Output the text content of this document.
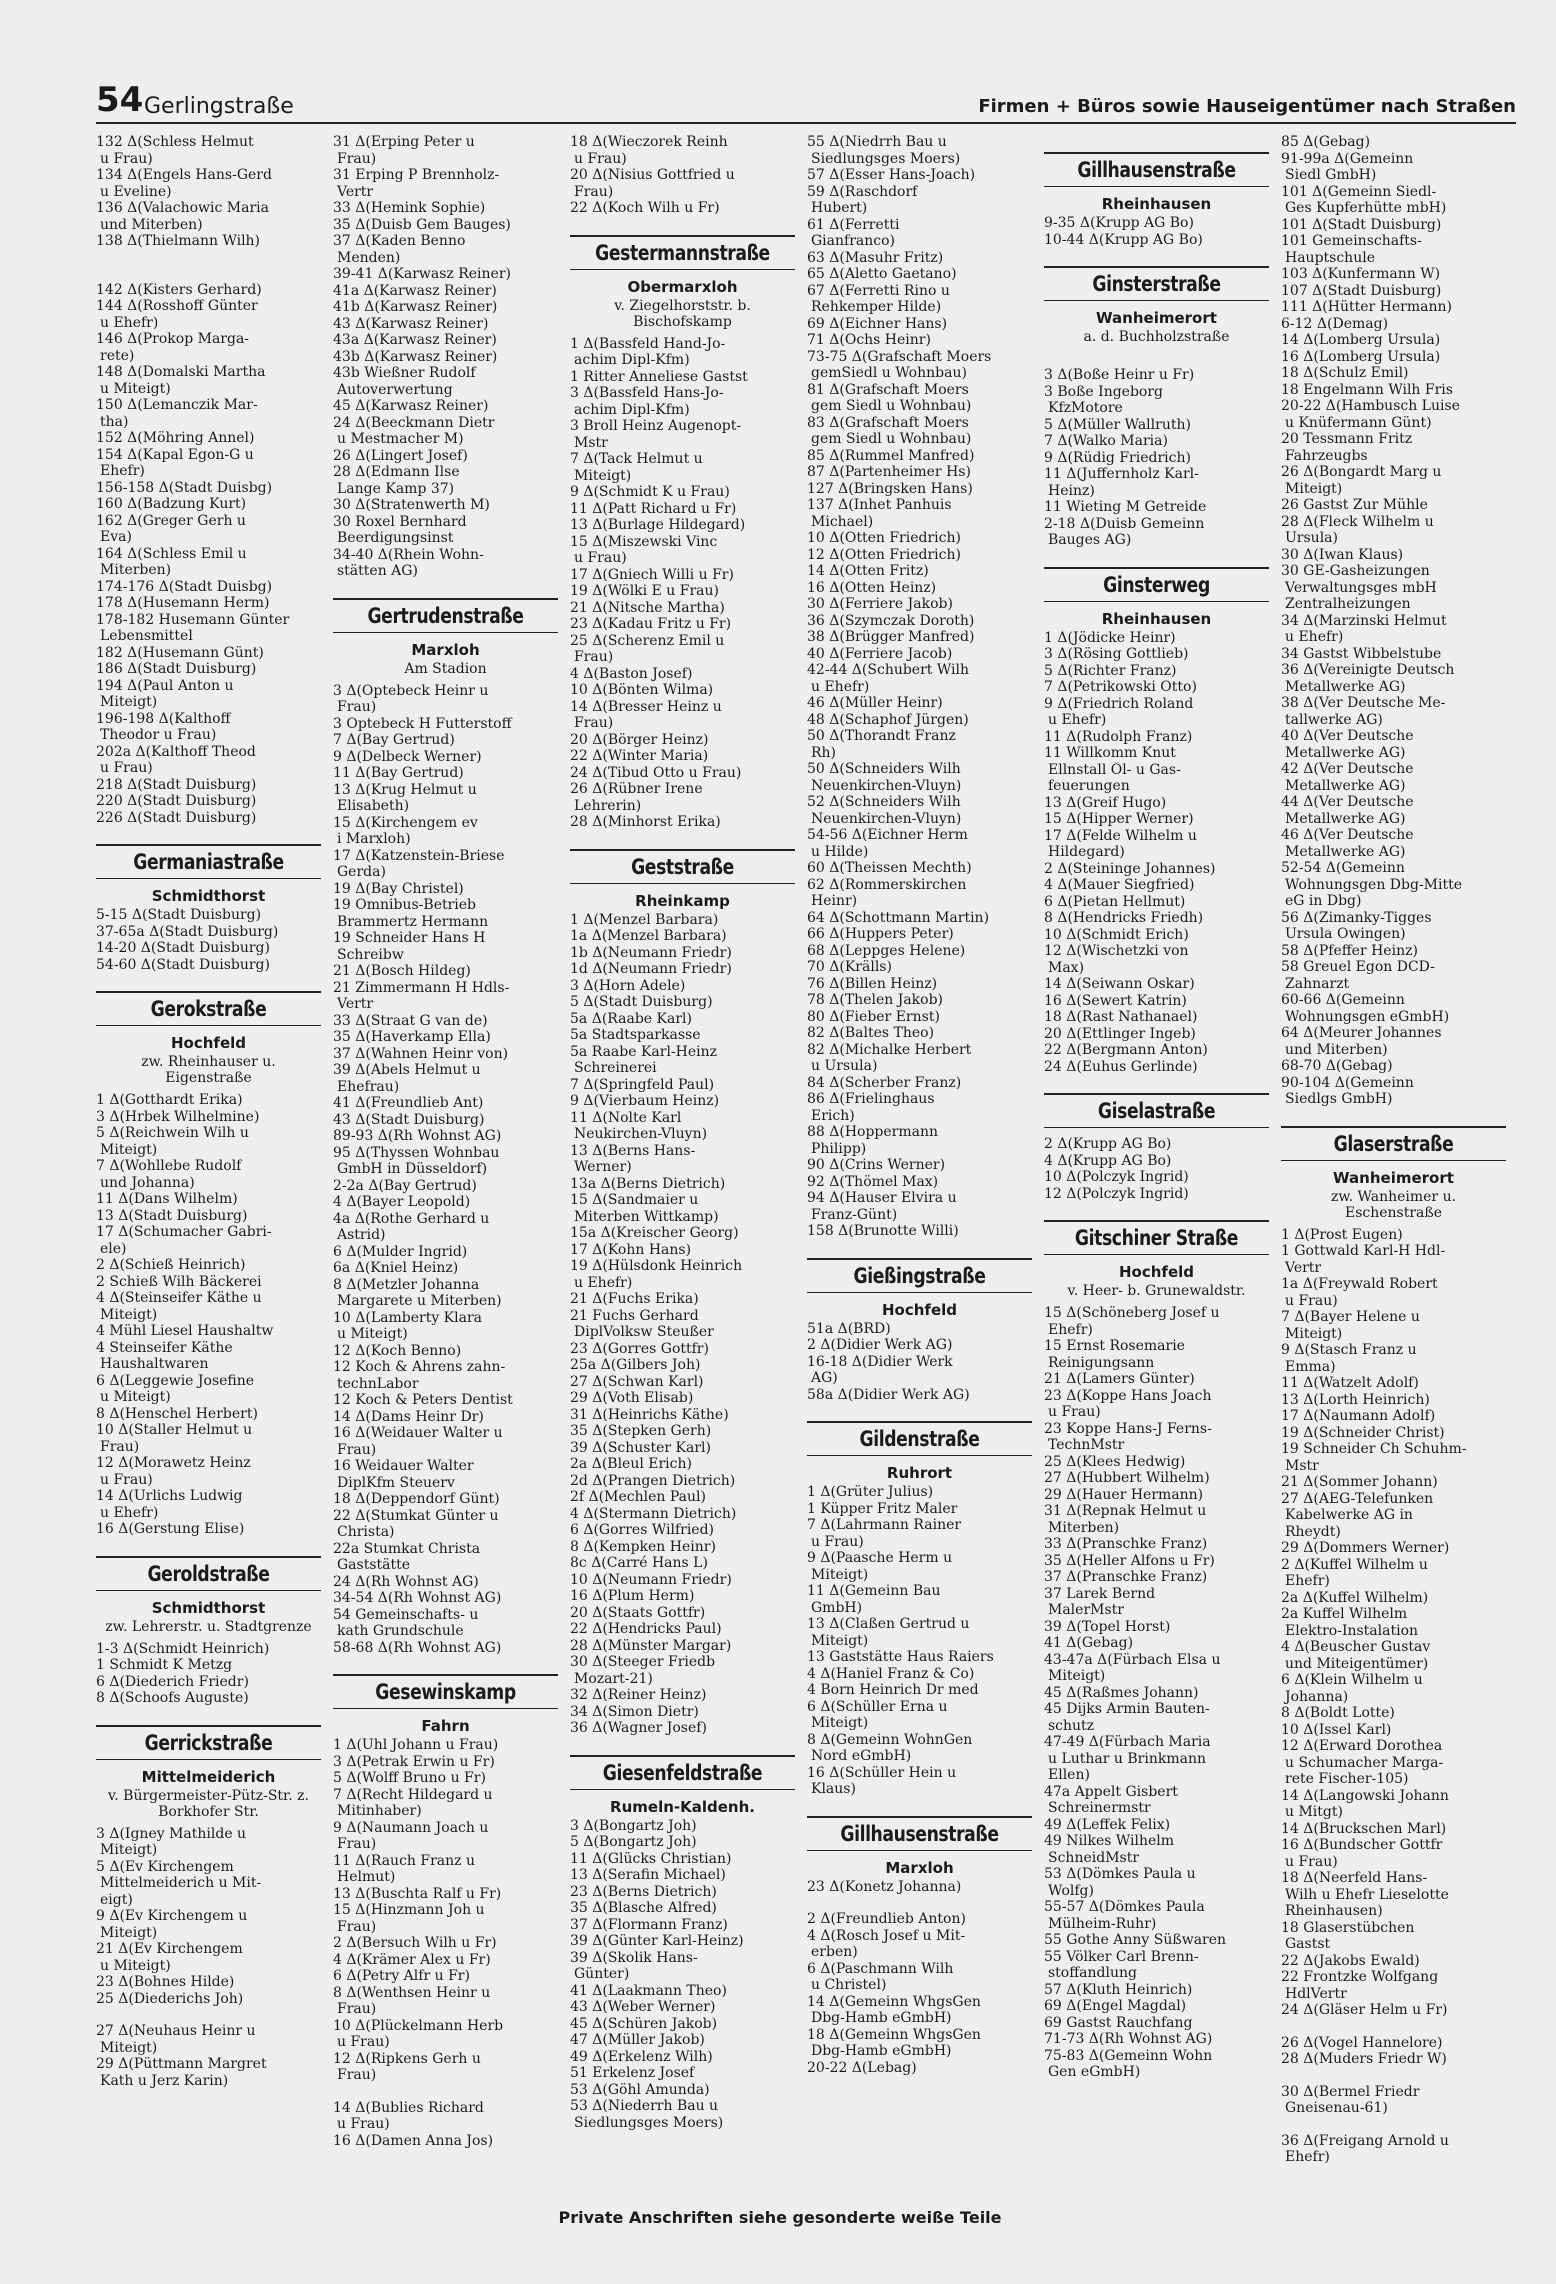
54 Gerlingstraße	Firmen + Büros sowie Hauseigentümer nach Straßen
132 Δ(Schless Helmut
u Frau)
134 Δ(Engels Hans-Gerd
u Eveline)
136 Δ(Valachowic Maria
und Miterben)
138 Δ(Thielmann Wilh)
142 Δ(Kisters Gerhard)
144 Δ(Rosshoff Günter
u Ehefr)
146 Δ(Prokop Marga-
rete)
148 Δ(Domalski Martha
u Miteigt)
150 Δ(Lemanczik Mar-
tha)
152 Δ(Möhring Annel)
154 Δ(Kapal Egon-G u
Ehefr)
156-158 Δ(Stadt Duisbg)
160 Δ(Badzung Kurt)
162 Δ(Greger Gerh u
Eva)
164 Δ(Schless Emil u
Miterben)
174-176 Δ(Stadt Duisbg)
178 Δ(Husemann Herm)
178-182 Husemann Günter
Lebensmittel
182 Δ(Husemann Günt)
186 Δ(Stadt Duisburg)
194 Δ(Paul Anton u
Miteigt)
196-198 Δ(Kalthoff
Theodor u Frau)
202a Δ(Kalthoff Theod
u Frau)
218 Δ(Stadt Duisburg)
220 Δ(Stadt Duisburg)
226 Δ(Stadt Duisburg)
Germaniastraße
Schmidthorst
5-15 Δ(Stadt Duisburg)
37-65a Δ(Stadt Duisburg)
14-20 Δ(Stadt Duisburg)
54-60 Δ(Stadt Duisburg)
Gerokstraße
Hochfeld
zw. Rheinhauser u. Eigenstraße
1 Δ(Gotthardt Erika)
3 Δ(Hrbek Wilhelmine)
5 Δ(Reichwein Wilh u
Miteigt)
7 Δ(Wohllebe Rudolf
und Johanna)
11 Δ(Dans Wilhelm)
13 Δ(Stadt Duisburg)
17 Δ(Schumacher Gabri-
ele)
2 Δ(Schieß Heinrich)
2 Schieß Wilh Bäckerei
4 Δ(Steinseifer Käthe u
Miteigt)
4 Mühl Liesel Haushaltw
4 Steinseifer Käthe
Haushaltwaren
6 Δ(Leggewie Josefine
u Miteigt)
8 Δ(Henschel Herbert)
10 Δ(Staller Helmut u
Frau)
12 Δ(Morawetz Heinz
u Frau)
14 Δ(Urlichs Ludwig
u Ehefr)
16 Δ(Gerstung Elise)
Geroldstraße
Schmidthorst
zw. Lehrerstr. u. Stadtgrenze
1-3 Δ(Schmidt Heinrich)
1 Schmidt K Metzg
6 Δ(Diederich Friedr)
8 Δ(Schoofs Auguste)
Gerrickstraße
Mittelmeiderich
v. Bürgermeister-Pütz-Str. z. Borkhofer Str.
3 Δ(Igney Mathilde u
Miteigt)
5 Δ(Ev Kirchengem
Mittelmeiderich u Mit-
eigt)
9 Δ(Ev Kirchengem u
Miteigt)
21 Δ(Ev Kirchengem
u Miteigt)
23 Δ(Bohnes Hilde)
25 Δ(Diederichs Joh)
27 Δ(Neuhaus Heinr u
Miteigt)
29 Δ(Püttmann Margret
Kath u Jerz Karin)
31 Δ(Erping Peter u
Frau)
31 Erping P Brennholz-
Vertr
33 Δ(Hemink Sophie)
35 Δ(Duisb Gem Bauges)
37 Δ(Kaden Benno
Menden)
39-41 Δ(Karwasz Reiner)
41a Δ(Karwasz Reiner)
41b Δ(Karwasz Reiner)
43 Δ(Karwasz Reiner)
43a Δ(Karwasz Reiner)
43b Δ(Karwasz Reiner)
43b Wießner Rudolf
Autoverwertung
45 Δ(Karwasz Reiner)
24 Δ(Beeckmann Dietr
u Mestmacher M)
26 Δ(Lingert Josef)
28 Δ(Edmann Ilse
Lange Kamp 37)
30 Δ(Stratenwerth M)
30 Roxel Bernhard
Beerdigungsinst
34-40 Δ(Rhein Wohn-
stätten AG)
Gertrudenstraße
Marxloh
Am Stadion
3 Δ(Optebeck Heinr u
Frau)
3 Optebeck H Futterstoff
7 Δ(Bay Gertrud)
9 Δ(Delbeck Werner)
11 Δ(Bay Gertrud)
13 Δ(Krug Helmut u
Elisabeth)
15 Δ(Kirchengem ev
i Marxloh)
17 Δ(Katzenstein-Briese
Gerda)
19 Δ(Bay Christel)
19 Omnibus-Betrieb
Brammertz Hermann
19 Schneider Hans H
Schreibw
21 Δ(Bosch Hildeg)
21 Zimmermann H Hdls-
Vertr
33 Δ(Straat G van de)
35 Δ(Haverkamp Ella)
37 Δ(Wahnen Heinr von)
39 Δ(Abels Helmut u
Ehefrau)
41 Δ(Freundlieb Ant)
43 Δ(Stadt Duisburg)
89-93 Δ(Rh Wohnst AG)
95 Δ(Thyssen Wohnbau
GmbH in Düsseldorf)
2-2a Δ(Bay Gertrud)
4 Δ(Bayer Leopold)
4a Δ(Rothe Gerhard u
Astrid)
6 Δ(Mulder Ingrid)
6a Δ(Kniel Heinz)
8 Δ(Metzler Johanna
Margarete u Miterben)
10 Δ(Lamberty Klara
u Miteigt)
12 Δ(Koch Benno)
12 Koch & Ahrens zahn-
technLabor
12 Koch & Peters Dentist
14 Δ(Dams Heinr Dr)
16 Δ(Weidauer Walter u
Frau)
16 Weidauer Walter
DiplKfm Steuerv
18 Δ(Deppendorf Günt)
22 Δ(Stumkat Günter u
Christa)
22a Stumkat Christa
Gaststätte
24 Δ(Rh Wohnst AG)
34-54 Δ(Rh Wohnst AG)
54 Gemeinschafts- u
kath Grundschule
58-68 Δ(Rh Wohnst AG)
Gesewinskamp
Fahrn
1 Δ(Uhl Johann u Frau)
3 Δ(Petrak Erwin u Fr)
5 Δ(Wolff Bruno u Fr)
7 Δ(Recht Hildegard u
Mitinhaber)
9 Δ(Naumann Joach u
Frau)
11 Δ(Rauch Franz u
Helmut)
13 Δ(Buschta Ralf u Fr)
15 Δ(Hinzmann Joh u
Frau)
2 Δ(Bersuch Wilh u Fr)
4 Δ(Krämer Alex u Fr)
6 Δ(Petry Alfr u Fr)
8 Δ(Wenthsen Heinr u
Frau)
10 Δ(Plückelmann Herb
u Frau)
12 Δ(Ripkens Gerh u
Frau)
14 Δ(Bublies Richard
u Frau)
16 Δ(Damen Anna Jos)
18 Δ(Wieczorek Reinh
u Frau)
20 Δ(Nisius Gottfried u
Frau)
22 Δ(Koch Wilh u Fr)
Gestermannstraße
Obermarxloh
v. Ziegelhorststr. b. Bischofskamp
1 Δ(Bassfeld Hand-Jo-
achim Dipl-Kfm)
1 Ritter Anneliese Gastst
3 Δ(Bassfeld Hans-Jo-
achim Dipl-Kfm)
3 Broll Heinz Augenopt-
Mstr
7 Δ(Tack Helmut u
Miteigt)
9 Δ(Schmidt K u Frau)
11 Δ(Patt Richard u Fr)
13 Δ(Burlage Hildegard)
15 Δ(Miszewski Vinc
u Frau)
17 Δ(Gniech Willi u Fr)
19 Δ(Wölki E u Frau)
21 Δ(Nitsche Martha)
23 Δ(Kadau Fritz u Fr)
25 Δ(Scherenz Emil u
Frau)
4 Δ(Baston Josef)
10 Δ(Bönten Wilma)
14 Δ(Bresser Heinz u
Frau)
20 Δ(Börger Heinz)
22 Δ(Winter Maria)
24 Δ(Tibud Otto u Frau)
26 Δ(Rübner Irene
Lehrerin)
28 Δ(Minhorst Erika)
Geststraße
Rheinkamp
1 Δ(Menzel Barbara)
1a Δ(Menzel Barbara)
1b Δ(Neumann Friedr)
1d Δ(Neumann Friedr)
3 Δ(Horn Adele)
5 Δ(Stadt Duisburg)
5a Δ(Raabe Karl)
5a Stadtsparkasse
5a Raabe Karl-Heinz
Schreinerei
7 Δ(Springfeld Paul)
9 Δ(Vierbaum Heinz)
11 Δ(Nolte Karl
Neukirchen-Vluyn)
13 Δ(Berns Hans-
Werner)
13a Δ(Berns Dietrich)
15 Δ(Sandmaier u
Miterben Wittkamp)
15a Δ(Kreischer Georg)
17 Δ(Kohn Hans)
19 Δ(Hülsdonk Heinrich
u Ehefr)
21 Δ(Fuchs Erika)
21 Fuchs Gerhard
DiplVolksw Steußer
23 Δ(Gorres Gottfr)
25a Δ(Gilbers Joh)
27 Δ(Schwan Karl)
29 Δ(Voth Elisab)
31 Δ(Heinrichs Käthe)
35 Δ(Stepken Gerh)
39 Δ(Schuster Karl)
2a Δ(Bleul Erich)
2d Δ(Prangen Dietrich)
2f Δ(Mechlen Paul)
4 Δ(Stermann Dietrich)
6 Δ(Gorres Wilfried)
8 Δ(Kempken Heinr)
8c Δ(Carré Hans L)
10 Δ(Neumann Friedr)
16 Δ(Plum Herm)
20 Δ(Staats Gottfr)
22 Δ(Hendricks Paul)
28 Δ(Münster Margar)
30 Δ(Steeger Friedb
Mozart-21)
32 Δ(Reiner Heinz)
34 Δ(Simon Dietr)
36 Δ(Wagner Josef)
Giesenfeldstraße
Rumeln-Kaldenh.
3 Δ(Bongartz Joh)
5 Δ(Bongartz Joh)
11 Δ(Glücks Christian)
13 Δ(Serafin Michael)
23 Δ(Berns Dietrich)
35 Δ(Blasche Alfred)
37 Δ(Flormann Franz)
39 Δ(Günter Karl-Heinz)
39 Δ(Skolik Hans-
Günter)
41 Δ(Laakmann Theo)
43 Δ(Weber Werner)
45 Δ(Schüren Jakob)
47 Δ(Müller Jakob)
49 Δ(Erkelenz Wilh)
51 Erkelenz Josef
53 Δ(Göhl Amunda)
53 Δ(Niederrh Bau u
Siedlungsges Moers)
55 Δ(Niedrrh Bau u
Siedlungsges Moers)
57 Δ(Esser Hans-Joach)
59 Δ(Raschdorf
Hubert)
61 Δ(Ferretti
Gianfranco)
63 Δ(Masuhr Fritz)
65 Δ(Aletto Gaetano)
67 Δ(Ferretti Rino u
Rehkemper Hilde)
69 Δ(Eichner Hans)
71 Δ(Ochs Heinr)
73-75 Δ(Grafschaft Moers
gemSiedl u Wohnbau)
81 Δ(Grafschaft Moers
gem Siedl u Wohnbau)
83 Δ(Grafschaft Moers
gem Siedl u Wohnbau)
85 Δ(Rummel Manfred)
87 Δ(Partenheimer Hs)
127 Δ(Bringsken Hans)
137 Δ(Inhet Panhuis
Michael)
10 Δ(Otten Friedrich)
12 Δ(Otten Friedrich)
14 Δ(Otten Fritz)
16 Δ(Otten Heinz)
30 Δ(Ferriere Jakob)
36 Δ(Szymczak Doroth)
38 Δ(Brügger Manfred)
40 Δ(Ferriere Jacob)
42-44 Δ(Schubert Wilh
u Ehefr)
46 Δ(Müller Heinr)
48 Δ(Schaphof Jürgen)
50 Δ(Thorandt Franz
Rh)
50 Δ(Schneiders Wilh
Neuenkirchen-Vluyn)
52 Δ(Schneiders Wilh
Neuenkirchen-Vluyn)
54-56 Δ(Eichner Herm
u Hilde)
60 Δ(Theissen Mechth)
62 Δ(Rommerskirchen
Heinr)
64 Δ(Schottmann Martin)
66 Δ(Huppers Peter)
68 Δ(Leppges Helene)
70 Δ(Krälls)
76 Δ(Billen Heinz)
78 Δ(Thelen Jakob)
80 Δ(Fieber Ernst)
82 Δ(Baltes Theo)
82 Δ(Michalke Herbert
u Ursula)
84 Δ(Scherber Franz)
86 Δ(Frielinghaus
Erich)
88 Δ(Hoppermann
Philipp)
90 Δ(Crins Werner)
92 Δ(Thömel Max)
94 Δ(Hauser Elvira u
Franz-Günt)
158 Δ(Brunotte Willi)
Gießingstraße
Hochfeld
51a Δ(BRD)
2 Δ(Didier Werk AG)
16-18 Δ(Didier Werk
AG)
58a Δ(Didier Werk AG)
Gildenstraße
Ruhrort
1 Δ(Grüter Julius)
1 Küpper Fritz Maler
7 Δ(Lahrmann Rainer
u Frau)
9 Δ(Paasche Herm u
Miteigt)
11 Δ(Gemeinn Bau
GmbH)
13 Δ(Claßen Gertrud u
Miteigt)
13 Gaststätte Haus Raiers
4 Δ(Haniel Franz & Co)
4 Born Heinrich Dr med
6 Δ(Schüller Erna u
Miteigt)
8 Δ(Gemeinn WohnGen
Nord eGmbH)
16 Δ(Schüller Hein u
Klaus)
Gillhausenstraße
Marxloh
23 Δ(Konetz Johanna)
2 Δ(Freundlieb Anton)
4 Δ(Rosch Josef u Mit-
erben)
6 Δ(Paschmann Wilh
u Christel)
14 Δ(Gemeinn WhgsGen
Dbg-Hamb eGmbH)
18 Δ(Gemeinn WhgsGen
Dbg-Hamb eGmbH)
20-22 Δ(Lebag)
Gillhausenstraße
Rheinhausen
9-35 Δ(Krupp AG Bo)
10-44 Δ(Krupp AG Bo)
Ginsterstraße
Wanheimerort
a. d. Buchholzstraße
3 Δ(Boße Heinr u Fr)
3 Boße Ingeborg
KfzMotore
5 Δ(Müller Wallruth)
7 Δ(Walko Maria)
9 Δ(Rüdig Friedrich)
11 Δ(Juffernholz Karl-
Heinz)
11 Wieting M Getreide
2-18 Δ(Duisb Gemeinn
Bauges AG)
Ginsterweg
Rheinhausen
1 Δ(Jödicke Heinr)
3 Δ(Rösing Gottlieb)
5 Δ(Richter Franz)
7 Δ(Petrikowski Otto)
9 Δ(Friedrich Roland
u Ehefr)
11 Δ(Rudolph Franz)
11 Willkomm Knut
Ellnstall Öl- u Gas-
feuerungen
13 Δ(Greif Hugo)
15 Δ(Hipper Werner)
17 Δ(Felde Wilhelm u
Hildegard)
2 Δ(Steininge Johannes)
4 Δ(Mauer Siegfried)
6 Δ(Pietan Hellmut)
8 Δ(Hendricks Friedh)
10 Δ(Schmidt Erich)
12 Δ(Wischetzki von
Max)
14 Δ(Seiwann Oskar)
16 Δ(Sewert Katrin)
18 Δ(Rast Nathanael)
20 Δ(Ettlinger Ingeb)
22 Δ(Bergmann Anton)
24 Δ(Euhus Gerlinde)
Giselastraße
2 Δ(Krupp AG Bo)
4 Δ(Krupp AG Bo)
10 Δ(Polczyk Ingrid)
12 Δ(Polczyk Ingrid)
Gitschiner Straße
Hochfeld
v. Heer- b. Grunewaldstr.
15 Δ(Schöneberg Josef u
Ehefr)
15 Ernst Rosemarie
Reinigungsann
21 Δ(Lamers Günter)
23 Δ(Koppe Hans Joach
u Frau)
23 Koppe Hans-J Ferns-
TechnMstr
25 Δ(Klees Hedwig)
27 Δ(Hubbert Wilhelm)
29 Δ(Hauer Hermann)
31 Δ(Repnak Helmut u
Miterben)
33 Δ(Pranschke Franz)
35 Δ(Heller Alfons u Fr)
37 Δ(Pranschke Franz)
37 Larek Bernd
MalerMstr
39 Δ(Topel Horst)
41 Δ(Gebag)
43-47a Δ(Fürbach Elsa u
Miteigt)
45 Δ(Raßmes Johann)
45 Dijks Armin Bauten-
schutz
47-49 Δ(Fürbach Maria
u Luthar u Brinkmann
Ellen)
47a Appelt Gisbert
Schreinermstr
49 Δ(Leffek Felix)
49 Nilkes Wilhelm
SchneidMstr
53 Δ(Dömkes Paula u
Wolfg)
55-57 Δ(Dömkes Paula
Mülheim-Ruhr)
55 Gothe Anny Süßwaren
55 Völker Carl Brenn-
stoffandlung
57 Δ(Kluth Heinrich)
69 Δ(Engel Magdal)
69 Gastst Rauchfang
71-73 Δ(Rh Wohnst AG)
75-83 Δ(Gemeinn Wohn
Gen eGmbH)
85 Δ(Gebag)
91-99a Δ(Gemeinn
Siedl GmbH)
101 Δ(Gemeinn Siedl-
Ges Kupferhütte mbH)
101 Δ(Stadt Duisburg)
101 Gemeinschafts-
Hauptschule
103 Δ(Kunfermann W)
107 Δ(Stadt Duisburg)
111 Δ(Hütter Hermann)
6-12 Δ(Demag)
14 Δ(Lomberg Ursula)
16 Δ(Lomberg Ursula)
18 Δ(Schulz Emil)
18 Engelmann Wilh Fris
20-22 Δ(Hambusch Luise
u Knüfermann Günt)
20 Tessmann Fritz
Fahrzeugbs
26 Δ(Bongardt Marg u
Miteigt)
26 Gastst Zur Mühle
28 Δ(Fleck Wilhelm u
Ursula)
30 Δ(Iwan Klaus)
30 GE-Gasheizungen
Verwaltungsges mbH
Zentralheizungen
34 Δ(Marzinski Helmut
u Ehefr)
34 Gastst Wibbelstube
36 Δ(Vereinigte Deutsch
Metallwerke AG)
38 Δ(Ver Deutsche Me-
tallwerke AG)
40 Δ(Ver Deutsche
Metallwerke AG)
42 Δ(Ver Deutsche
Metallwerke AG)
44 Δ(Ver Deutsche
Metallwerke AG)
46 Δ(Ver Deutsche
Metallwerke AG)
52-54 Δ(Gemeinn
Wohnungsgen Dbg-Mitte
eG in Dbg)
56 Δ(Zimanky-Tigges
Ursula Owingen)
58 Δ(Pfeffer Heinz)
58 Greuel Egon DCD-
Zahnarzt
60-66 Δ(Gemeinn
Wohnungsgen eGmbH)
64 Δ(Meurer Johannes
und Miterben)
68-70 Δ(Gebag)
90-104 Δ(Gemeinn
Siedlgs GmbH)
Glaserstraße
Wanheimerort
zw. Wanheimer u. Eschenstraße
1 Δ(Prost Eugen)
1 Gottwald Karl-H Hdl-
Vertr
1a Δ(Freywald Robert
u Frau)
7 Δ(Bayer Helene u
Miteigt)
9 Δ(Stasch Franz u
Emma)
11 Δ(Watzelt Adolf)
13 Δ(Lorth Heinrich)
17 Δ(Naumann Adolf)
19 Δ(Schneider Christ)
19 Schneider Ch Schuhm-
Mstr
21 Δ(Sommer Johann)
27 Δ(AEG-Telefunken
Kabelwerke AG in
Rheydt)
29 Δ(Dommers Werner)
2 Δ(Kuffel Wilhelm u
Ehefr)
2a Δ(Kuffel Wilhelm)
2a Kuffel Wilhelm
Elektro-Instalation
4 Δ(Beuscher Gustav
und Miteigentümer)
6 Δ(Klein Wilhelm u
Johanna)
8 Δ(Boldt Lotte)
10 Δ(Issel Karl)
12 Δ(Erward Dorothea
u Schumacher Marga-
rete Fischer-105)
14 Δ(Langowski Johann
u Mitgt)
14 Δ(Bruckschen Marl)
16 Δ(Bundscher Gottfr
u Frau)
18 Δ(Neerfeld Hans-
Wilh u Ehefr Lieselotte
Rheinhausen)
18 Glaserstübchen
Gastst
22 Δ(Jakobs Ewald)
22 Frontzke Wolfgang
HdlVertr
24 Δ(Gläser Helm u Fr)
26 Δ(Vogel Hannelore)
28 Δ(Muders Friedr W)
30 Δ(Bermel Friedr
Gneisenau-61)
36 Δ(Freigang Arnold u
Ehefr)
Private Anschriften siehe gesonderte weiße Teile
